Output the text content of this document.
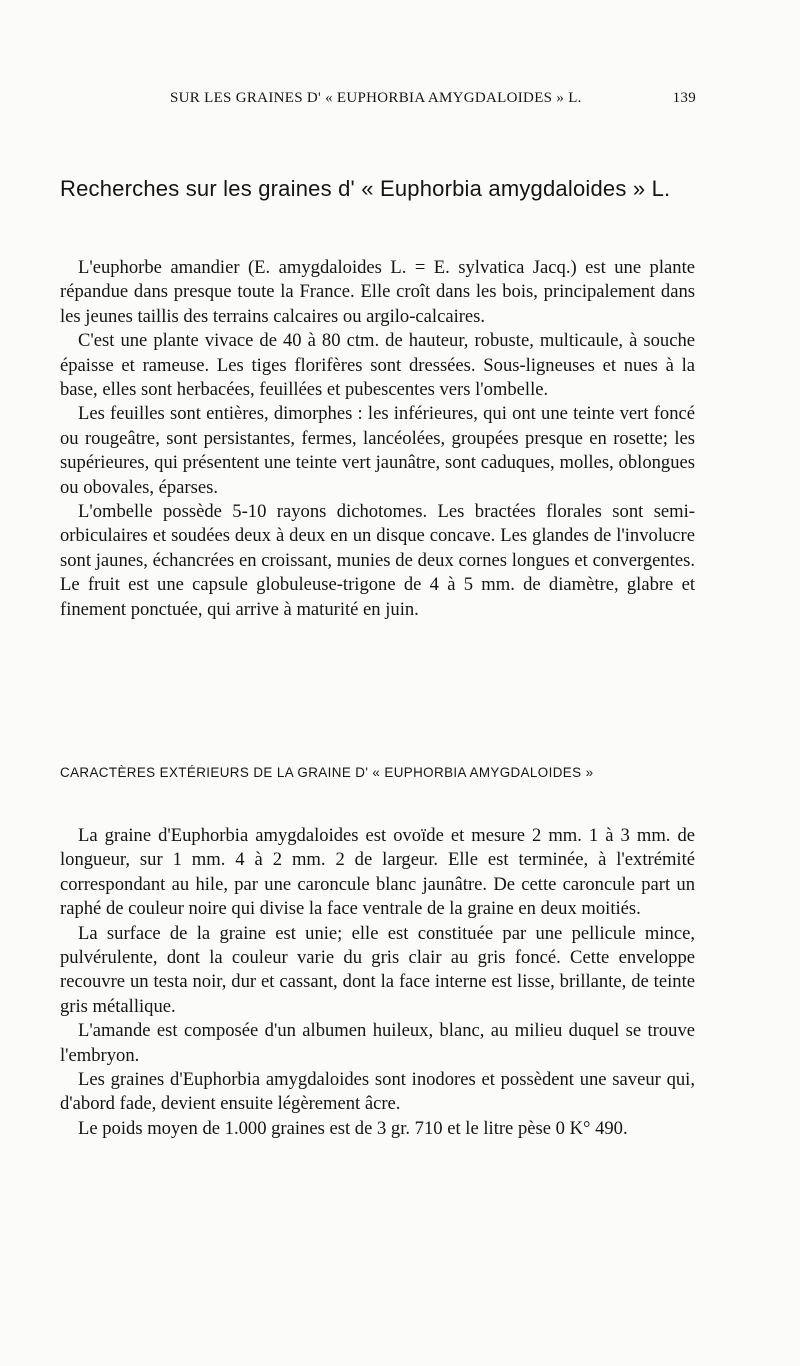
SUR LES GRAINES D' « EUPHORBIA AMYGDALOIDES » L.	139
Recherches sur les graines d' « Euphorbia amygdaloides » L.

L'euphorbe amandier (E. amygdaloides L. = E. sylvatica Jacq.) est une plante répandue dans presque toute la France. Elle croît dans les bois, principalement dans les jeunes taillis des terrains calcaires ou argilo-calcaires.

C'est une plante vivace de 40 à 80 ctm. de hauteur, robuste, multicaule, à souche épaisse et rameuse. Les tiges florifères sont dressées. Sous-ligneuses et nues à la base, elles sont herbacées, feuillées et pubescentes vers l'ombelle.

Les feuilles sont entières, dimorphes : les inférieures, qui ont une teinte vert foncé ou rougeâtre, sont persistantes, fermes, lancéolées, groupées presque en rosette; les supérieures, qui présentent une teinte vert jaunâtre, sont caduques, molles, oblongues ou obovales, éparses.

L'ombelle possède 5-10 rayons dichotomes. Les bractées florales sont semi-orbiculaires et soudées deux à deux en un disque concave. Les glandes de l'involucre sont jaunes, échancrées en croissant, munies de deux cornes longues et convergentes. Le fruit est une capsule globuleuse-trigone de 4 à 5 mm. de diamètre, glabre et finement ponctuée, qui arrive à maturité en juin.

CARACTÈRES EXTÉRIEURS DE LA GRAINE D' « EUPHORBIA AMYGDALOIDES »

La graine d'Euphorbia amygdaloides est ovoïde et mesure 2 mm. 1 à 3 mm. de longueur, sur 1 mm. 4 à 2 mm. 2 de largeur. Elle est terminée, à l'extrémité correspondant au hile, par une caroncule blanc jaunâtre. De cette caroncule part un raphé de couleur noire qui divise la face ventrale de la graine en deux moitiés.

La surface de la graine est unie; elle est constituée par une pellicule mince, pulvérulente, dont la couleur varie du gris clair au gris foncé. Cette enveloppe recouvre un testa noir, dur et cassant, dont la face interne est lisse, brillante, de teinte gris métallique.

L'amande est composée d'un albumen huileux, blanc, au milieu duquel se trouve l'embryon.

Les graines d'Euphorbia amygdaloides sont inodores et possèdent une saveur qui, d'abord fade, devient ensuite légèrement âcre.

Le poids moyen de 1.000 graines est de 3 gr. 710 et le litre pèse 0 K° 490.
